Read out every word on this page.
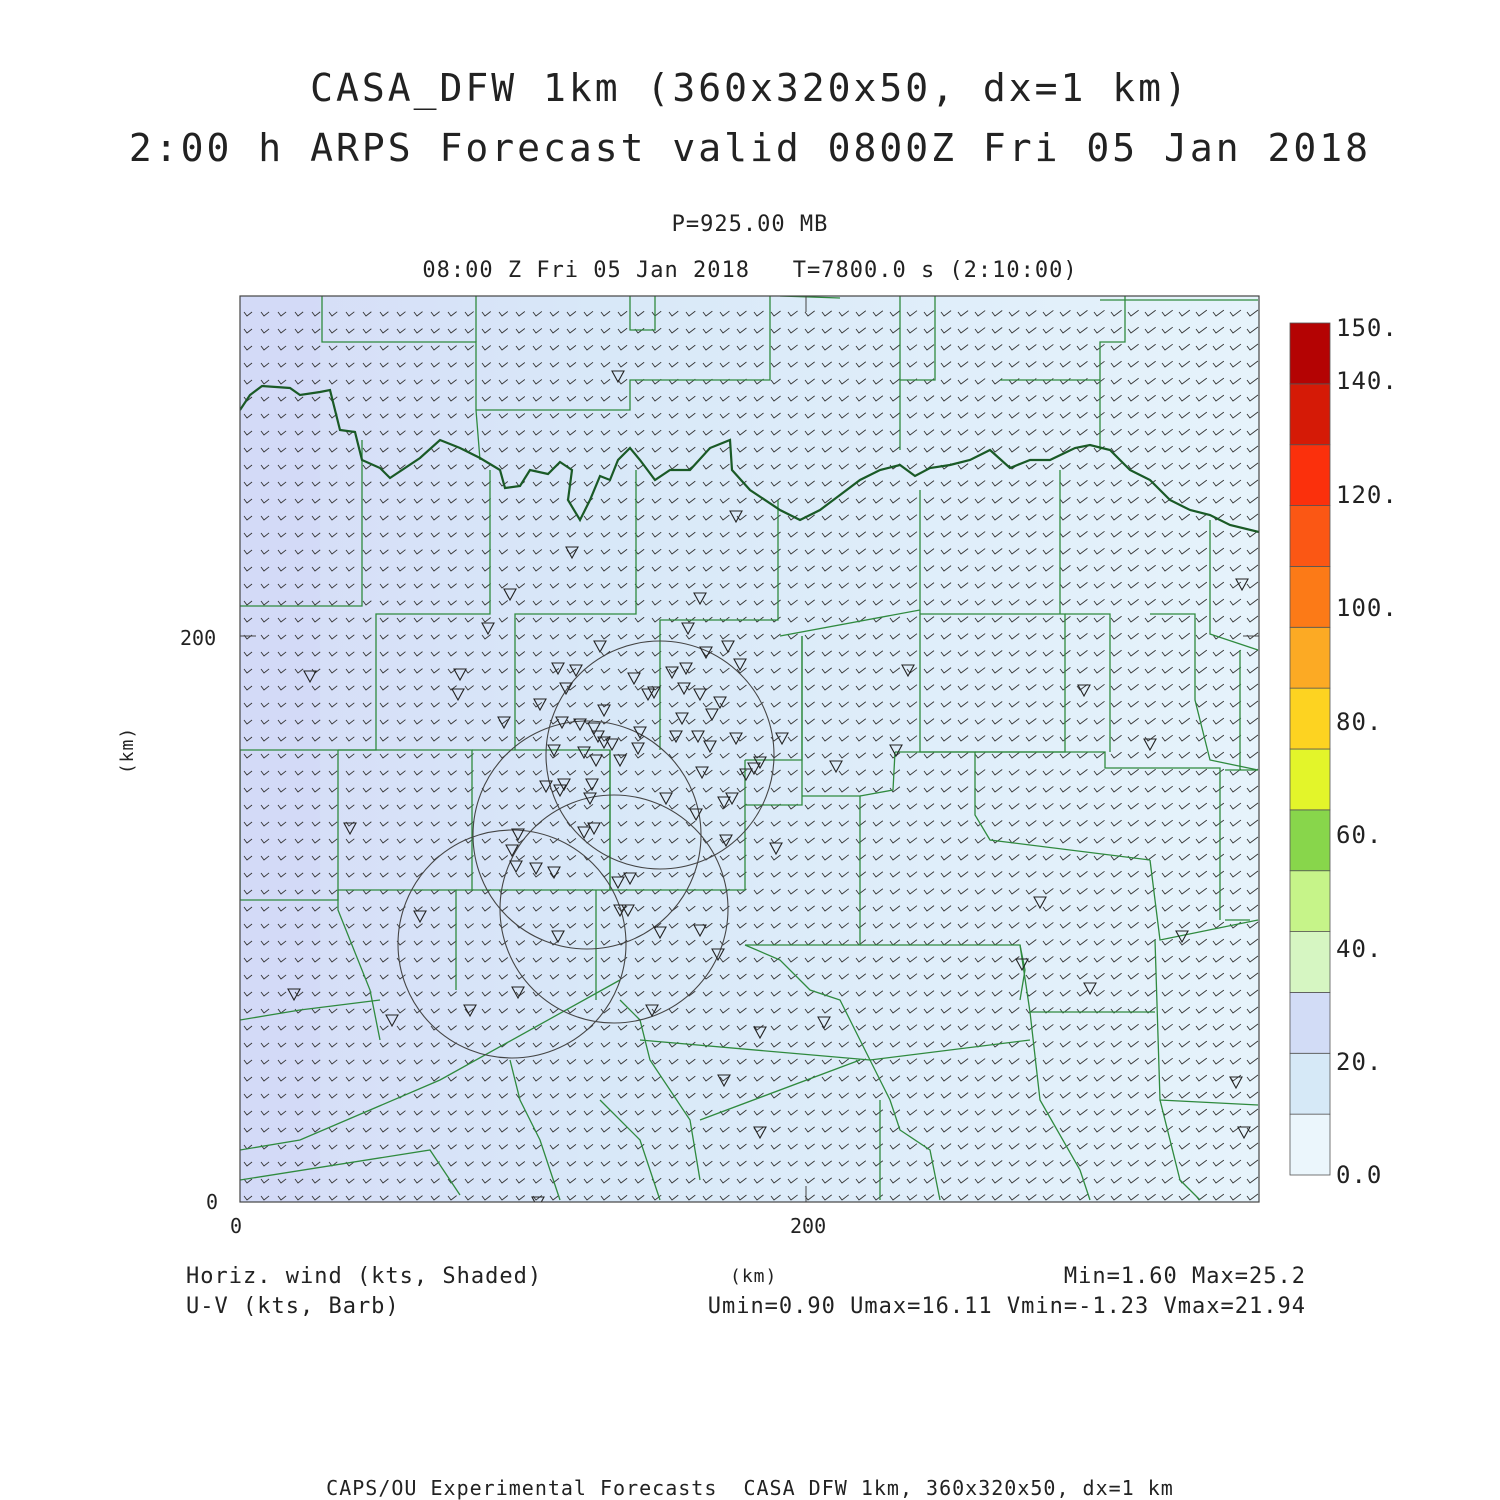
CASA_DFW 1km (360x320x50, dx=1 km)
2:00 h ARPS Forecast valid 0800Z Fri 05 Jan 2018
P=925.00 MB
08:00 Z Fri 05 Jan 2018   T=7800.0 s (2:10:00)
0
200
0	200
(km)
150.
140.
120.
100.
80.
60.
40.
20.
0.0
Horiz. wind (kts, Shaded)
U-V (kts, Barb)
(km)	Min=1.60 Max=25.2
Umin=0.90 Umax=16.11 Vmin=-1.23 Vmax=21.94
CAPS/OU Experimental Forecasts  CASA DFW 1km, 360x320x50, dx=1 km
